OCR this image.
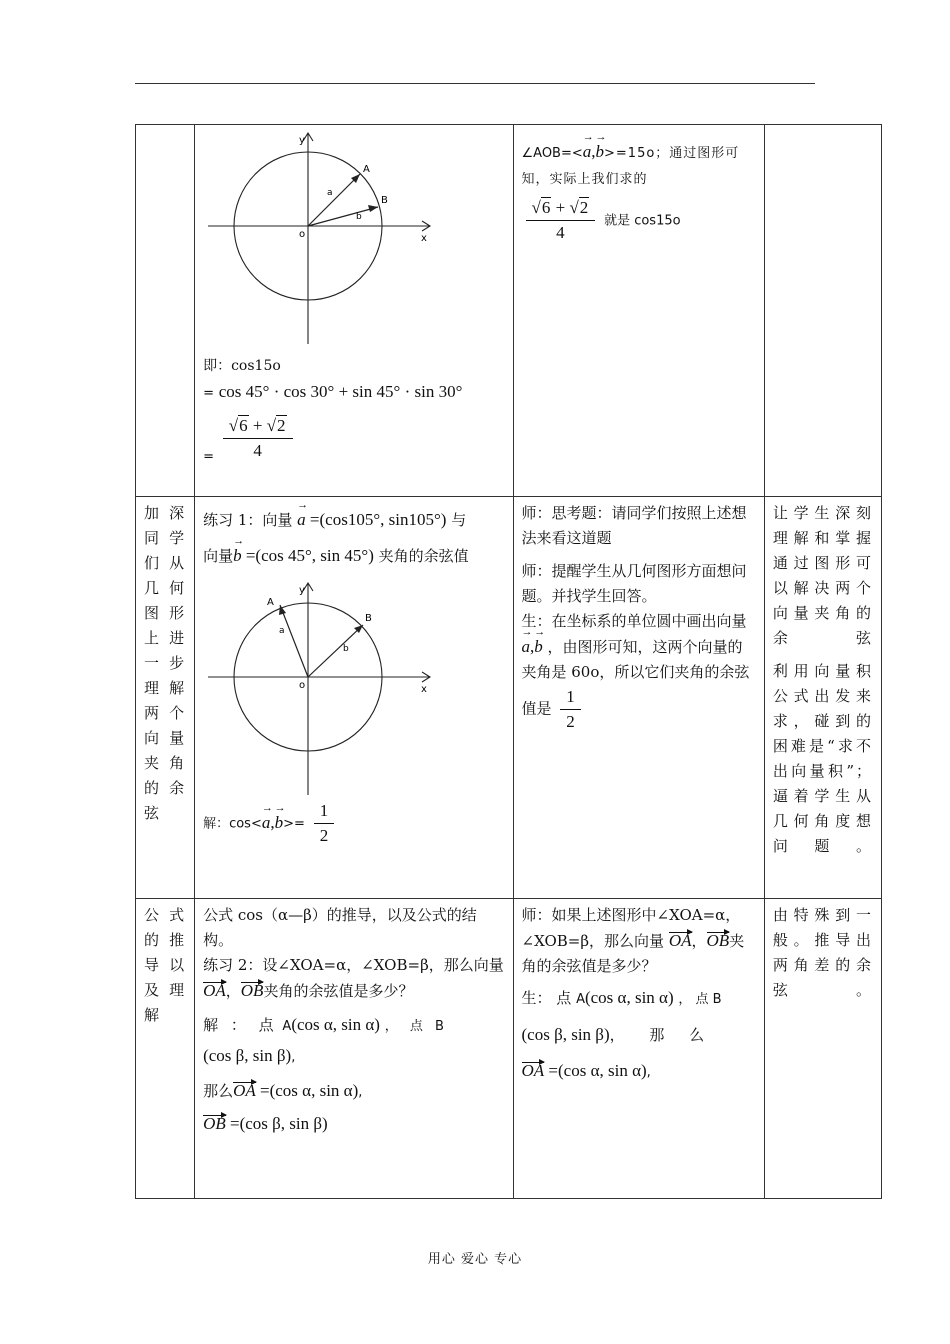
y
x
o
A
B
a
b
即：cos15o
= cos 45° · cos 30° + sin 45° · sin 30°
= $\frac{√6 + √2}{4}$

∠AOB=<→ a,→ b>=15o；通过图形可知，实际上我们求的
$\frac{√6 + √2}{4}$ 就是 cos15o

加深同学们从几何图形上进一步理解两个向量夹角的余弦	
练习 1：向量 → a =(cos105°, sin105°) 与
向量→ b =(cos 45°, sin 45°) 夹角的余弦值
y
x
o
A
B
a
b
解：$\cos<\to a,\to b>= \frac{1}{2}$

师：思考题：请同学们按照上述想法来看这道题
师：提醒学生从几何图形方面想问题。并找学生回答。
生：在坐标系的单位圆中画出向量 → a,→ b ，由图形可知，这两个向量的夹角是 60o，所以它们夹角的余弦值是 $\frac{1}{2}$

让学生深刻理解和掌握通过图形可以解决两个向量夹角的余弦
利用向量积公式出发来求，碰到的困难是“求不出向量积”；逼着学生从几何角度想问题。

公式的推导以及理解	
公式 cos（α—β）的推导，以及公式的结构。
练习 2：设∠XOA=α，∠XOB=β，那么向量
OA，OB夹角的余弦值是多少？
解 ： 点 A(cos α, sin α) ， 点 B
(cos β, sin β),
那么OA =(cos α, sin α),
OB =(cos β, sin β)

师：如果上述图形中∠XOA=α，∠XOB=β，那么向量 OA，OB夹角的余弦值是多少？
生： 点 A(cos α, sin α) ， 点 B
(cos β, sin β)， 那 么
OA =(cos α, sin α),
	由特殊到一般。推导出两角差的余弦。
用心 爱心 专心
